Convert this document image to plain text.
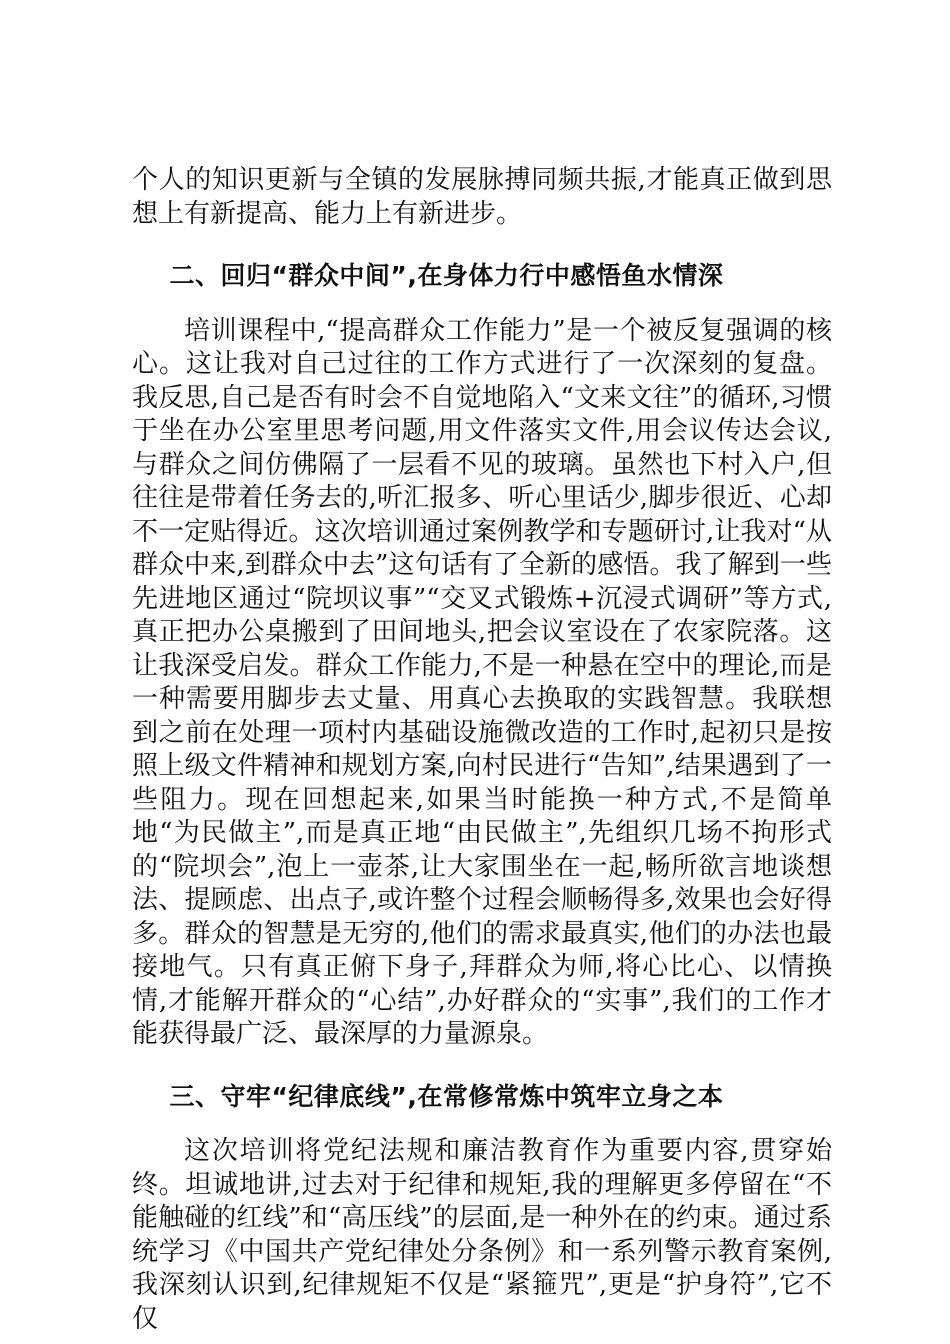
个人的知识更新与全镇的发展脉搏同频共振,才能真正做到思想上有新提高、能力上有新进步。

二、回归“群众中间”,在身体力行中感悟鱼水情深

培训课程中,“提高群众工作能力”是一个被反复强调的核心。这让我对自己过往的工作方式进行了一次深刻的复盘。我反思,自己是否有时会不自觉地陷入“文来文往”的循环,习惯于坐在办公室里思考问题,用文件落实文件,用会议传达会议,与群众之间仿佛隔了一层看不见的玻璃。虽然也下村入户,但往往是带着任务去的,听汇报多、听心里话少,脚步很近、心却不一定贴得近。这次培训通过案例教学和专题研讨,让我对“从群众中来,到群众中去”这句话有了全新的感悟。我了解到一些先进地区通过“院坝议事”“交叉式锻炼+沉浸式调研”等方式,真正把办公桌搬到了田间地头,把会议室设在了农家院落。这让我深受启发。群众工作能力,不是一种悬在空中的理论,而是一种需要用脚步去丈量、用真心去换取的实践智慧。我联想到之前在处理一项村内基础设施微改造的工作时,起初只是按照上级文件精神和规划方案,向村民进行“告知”,结果遇到了一些阻力。现在回想起来,如果当时能换一种方式,不是简单地“为民做主”,而是真正地“由民做主”,先组织几场不拘形式的“院坝会”,泡上一壶茶,让大家围坐在一起,畅所欲言地谈想法、提顾虑、出点子,或许整个过程会顺畅得多,效果也会好得多。群众的智慧是无穷的,他们的需求最真实,他们的办法也最接地气。只有真正俯下身子,拜群众为师,将心比心、以情换情,才能解开群众的“心结”,办好群众的“实事”,我们的工作才能获得最广泛、最深厚的力量源泉。

三、守牢“纪律底线”,在常修常炼中筑牢立身之本

这次培训将党纪法规和廉洁教育作为重要内容,贯穿始终。坦诚地讲,过去对于纪律和规矩,我的理解更多停留在“不能触碰的红线”和“高压线”的层面,是一种外在的约束。通过系统学习《中国共产党纪律处分条例》和一系列警示教育案例,我深刻认识到,纪律规矩不仅是“紧箍咒”,更是“护身符”,它不仅
